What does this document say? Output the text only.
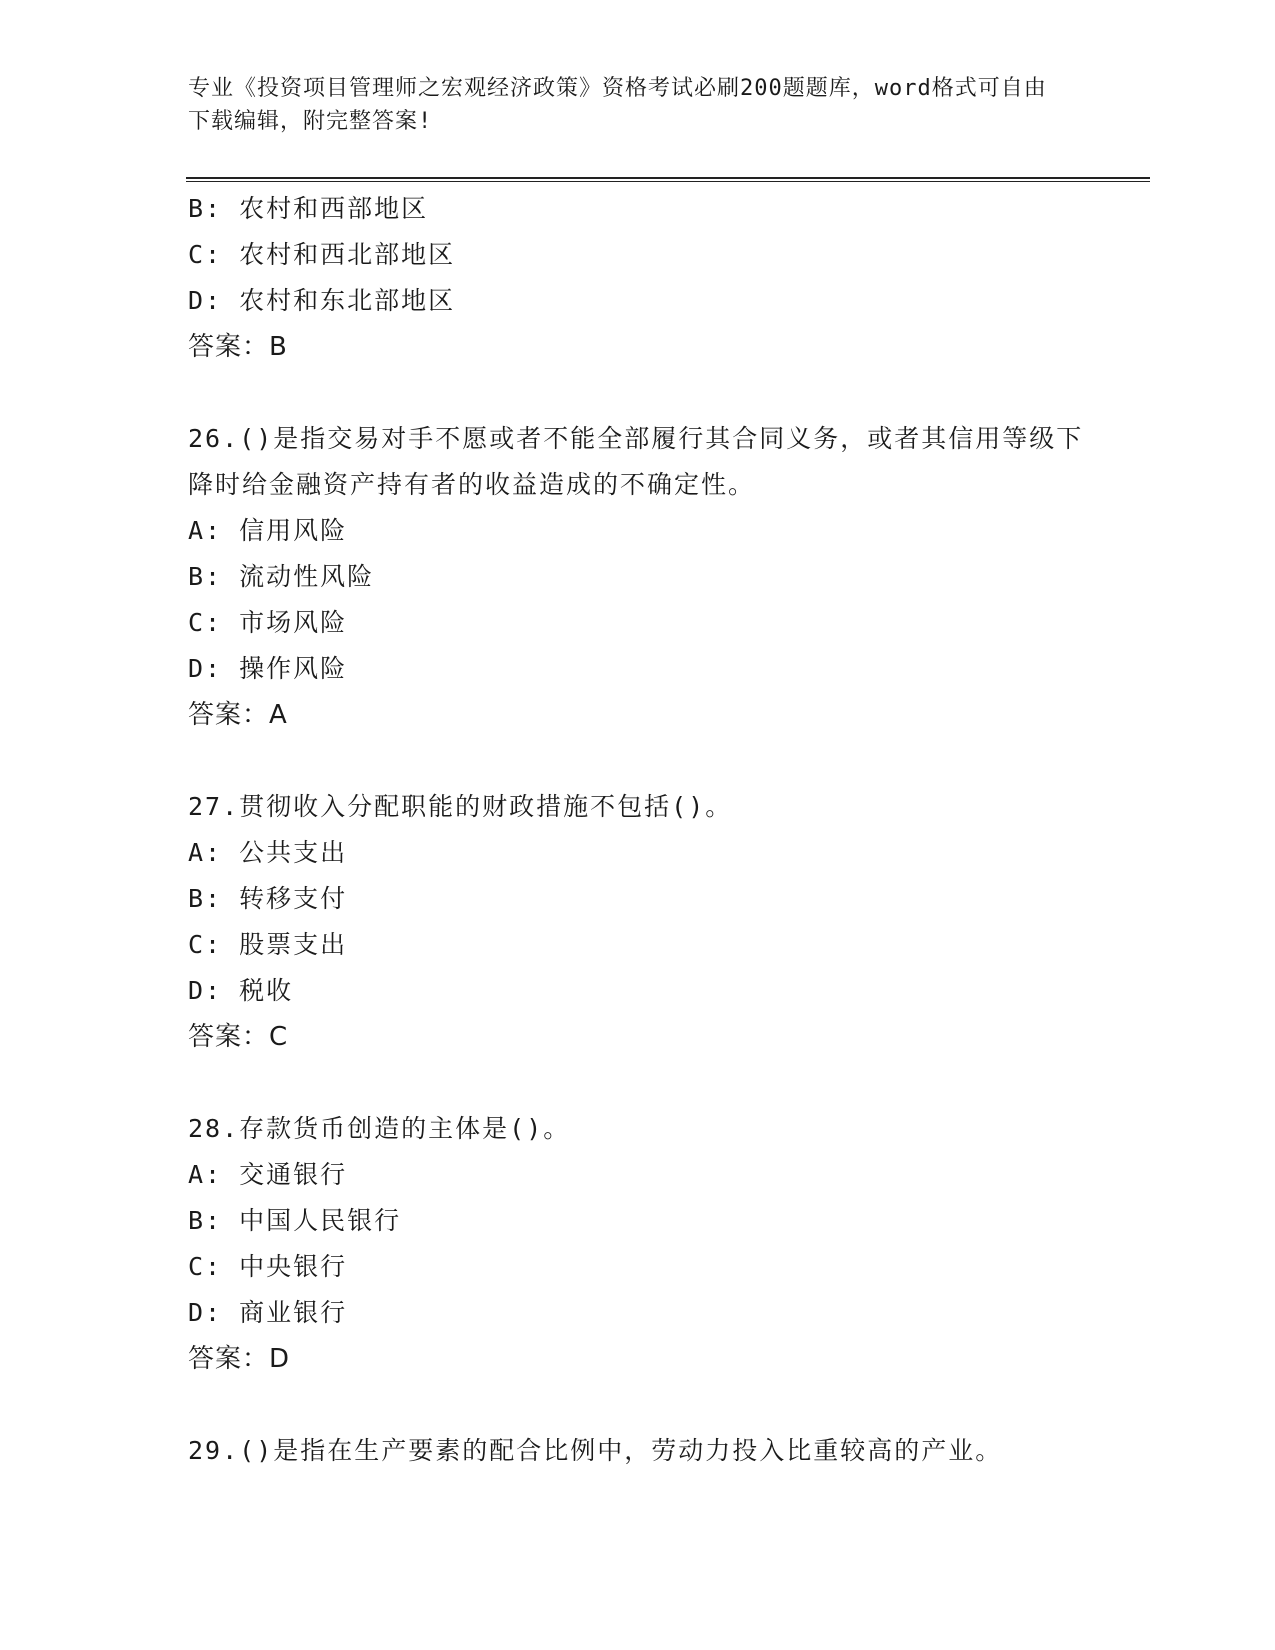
专业《投资项目管理师之宏观经济政策》资格考试必刷200题题库，word格式可自由下载编辑，附完整答案!
B: 农村和西部地区
C: 农村和西北部地区
D: 农村和东北部地区
答案：B
26.()是指交易对手不愿或者不能全部履行其合同义务，或者其信用等级下降时给金融资产持有者的收益造成的不确定性。
A: 信用风险
B: 流动性风险
C: 市场风险
D: 操作风险
答案：A
27.贯彻收入分配职能的财政措施不包括()。
A: 公共支出
B: 转移支付
C: 股票支出
D: 税收
答案：C
28.存款货币创造的主体是()。
A: 交通银行
B: 中国人民银行
C: 中央银行
D: 商业银行
答案：D
29.()是指在生产要素的配合比例中，劳动力投入比重较高的产业。
